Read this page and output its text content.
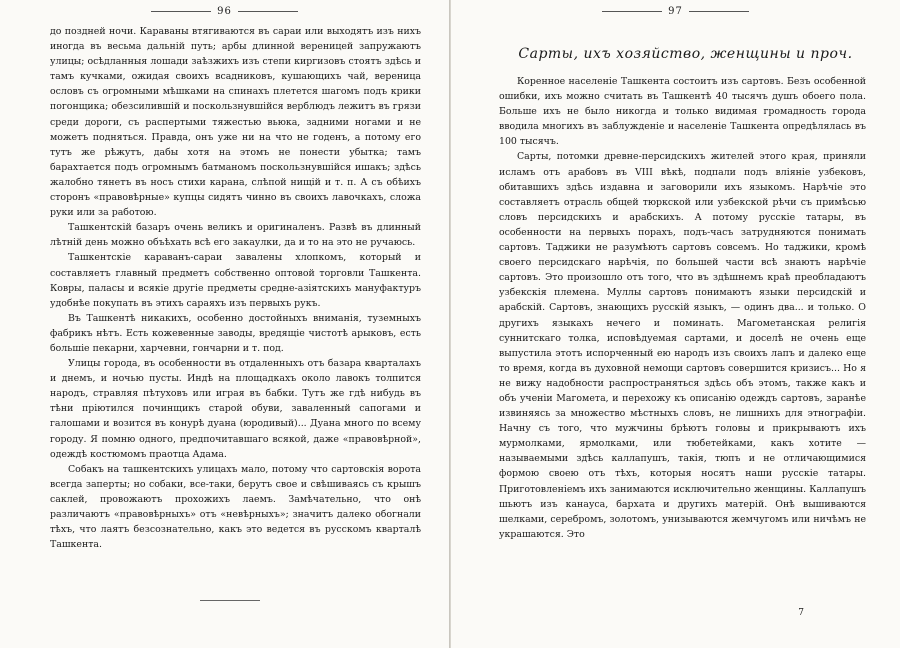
96

до позднeй ночи. Караваны втягиваются въ сараи или выходятъ изъ нихъ иногда въ весьма дальнiй путь; арбы длинной вереницей запружаютъ улицы; осѣдланныя лошади заѣзжихъ изъ степи киргизовъ стоятъ здѣсь и тамъ кучками, ожидая своихъ всадниковъ, кушающихъ чай, вереница ословъ съ огромными мѣшками на спинахъ плетется шагомъ подъ крики погонщика; обезсилившiй и поскользнувшiйся верблюдъ лежитъ въ грязи среди дороги, съ распертыми тяжестью вьюка, задними ногами и не можетъ подняться. Правда, онъ уже ни на что не годенъ, а потому его тутъ же рѣжутъ, дабы хотя на этомъ не понести убытка; тамъ барахтается подъ огромнымъ батманомъ поскользнувшiйся ишакъ; здѣсь жалобно тянетъ въ носъ стихи карана, слѣпой нищiй и т. п. А съ обѣихъ сторонъ «правовѣрные» купцы сидятъ чинно въ своихъ лавочкахъ, сложа руки или за работою.

Ташкентскiй базаръ очень великъ и оригиналенъ. Развѣ въ длинный лѣтнiй день можно объѣхать всѣ его закаулки, да и то на это не ручаюсь.

Ташкентскiе караванъ-сараи завалены хлопкомъ, который и составляетъ главный предметъ собственно оптовой торговли Ташкента. Ковры, паласы и всякiе другiе предметы средне-азiятскихъ мануфактуръ удобнѣе покупать въ этихъ сараяхъ изъ первыхъ рукъ.

Въ Ташкентѣ никакихъ, особенно достойныхъ вниманiя, туземныхъ фабрикъ нѣтъ. Есть кожевенные заводы, вредящiе чистотѣ арыковъ, есть большiе пекарни, харчевни, гончарни и т. под.

Улицы города, въ особенности въ отдаленныхъ отъ базара кварталахъ и днемъ, и ночью пусты. Индѣ на площадкахъ около лавокъ толпится народъ, стравляя пѣтуховъ или играя въ бабки. Тутъ же гдѣ нибудь въ тѣни прiютился починщикъ старой обуви, заваленный сапогами и галошами и возится въ конурѣ дуана (юродивый)... Дуана много по всему городу. Я помню одного, предпочитавшаго всякой, даже «правовѣрной», одеждѣ костюмомъ праотца Адама.

Собакъ на ташкентскихъ улицахъ мало, потому что сартовскiя ворота всегда заперты; но собаки, все-таки, берутъ свое и свѣшиваясь съ крышъ саклей, провожаютъ прохожихъ лаемъ. Замѣчательно, что онѣ различаютъ «правовѣрныхъ» отъ «невѣрныхъ»; значитъ далеко обогнали тѣхъ, что лаятъ безсознательно, какъ это ведется въ русскомъ кварталѣ Ташкента.

97
Сарты, ихъ хозяйство, женщины и проч.

Коренное населенiе Ташкента состоитъ изъ сартовъ. Безъ особенной ошибки, ихъ можно считать въ Ташкентѣ 40 тысячъ душъ обоего пола. Больше ихъ не было никогда и только видимая громадность города вводила многихъ въ заблужденiе и населенiе Ташкента опредѣлялась въ 100 тысячъ.

Сарты, потомки древне-персидскихъ жителей этого края, приняли исламъ отъ арабовъ въ VIII вѣкѣ, подпали подъ влiянiе узбековъ, обитавшихъ здѣсь издавна и заговорили ихъ языкомъ. Нарѣчiе это составляетъ отрасль общей тюркской или узбекской рѣчи съ примѣсью словъ персидскихъ и арабскихъ. А потому русскiе татары, въ особенности на первыхъ порахъ, подъ-часъ затрудняются понимать сартовъ. Таджики не разумѣютъ сартовъ совсемъ. Но таджики, кромѣ своего персидскаго нарѣчiя, по большей части всѣ знаютъ нарѣчiе сартовъ. Это произошло отъ того, что въ здѣшнемъ краѣ преобладаютъ узбекскiя племена. Муллы сартовъ понимаютъ языки персидскiй и арабскiй. Сартовъ, знающихъ русскiй языкъ, — одинъ два... и только. О другихъ языкахъ нечего и поминать. Магометанская религiя суннитскаго толка, исповѣдуемая сартами, и доселѣ не очень еще выпустила этотъ испорченный ею народъ изъ своихъ лапъ и далеко еще то время, когда въ духовной немощи сартовъ совершится кризисъ... Но я не вижу надобности распространяться здѣсь объ этомъ, также какъ и объ ученiи Магомета, и перехожу къ описанiю одеждъ сартовъ, заранѣе извиняясь за множество мѣстныхъ словъ, не лишнихъ для этнографiи. Начну съ того, что мужчины брѣютъ головы и прикрываютъ ихъ мурмолками, ярмолками, или тюбетейками, какъ хотите — называемыми здѣсь каллапушъ, такiя, тюпъ и не отличающимися формою своею отъ тѣхъ, которыя носятъ наши русскiе татары. Приготовленiемъ ихъ занимаются исключительно женщины. Каллапушъ шьютъ изъ канауса, бархата и другихъ матерiй. Онѣ вышиваются шелками, серебромъ, золотомъ, унизываются жемчугомъ или ничѣмъ не украшаются. Это

7
